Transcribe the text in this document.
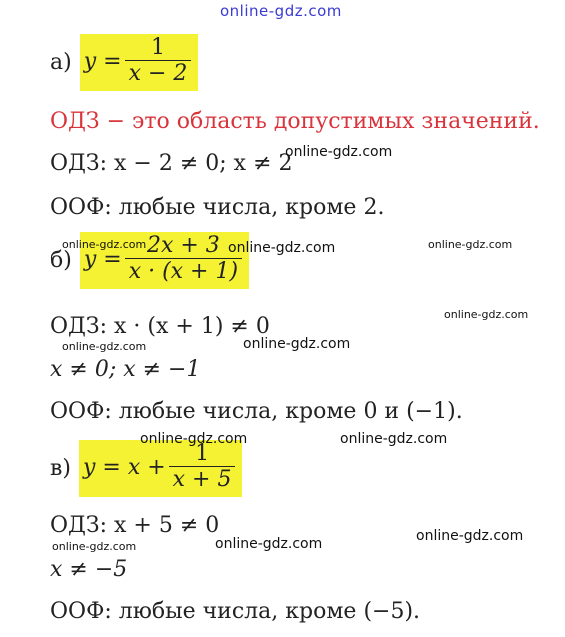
online-gdz.com
а) $y = \frac{1}{x - 2}$
ОДЗ − это область допустимых значений.
ОДЗ: x − 2 ≠ 0; x ≠ 2
ООФ: любые числа, кроме 2.
б) $y = \frac{2x + 3}{x \cdot (x + 1)}$
ОДЗ: x · (x + 1) ≠ 0
x ≠ 0; x ≠ −1
ООФ: любые числа, кроме 0 и (−1).
в) $y = x + \frac{1}{x + 5}$
ОДЗ: x + 5 ≠ 0
x ≠ −5
ООФ: любые числа, кроме (−5).
online-gdz.com
online-gdz.com	online-gdz.com	online-gdz.com
online-gdz.com
online-gdz.com	online-gdz.com
online-gdz.com	online-gdz.com
online-gdz.com
online-gdz.com	online-gdz.com
